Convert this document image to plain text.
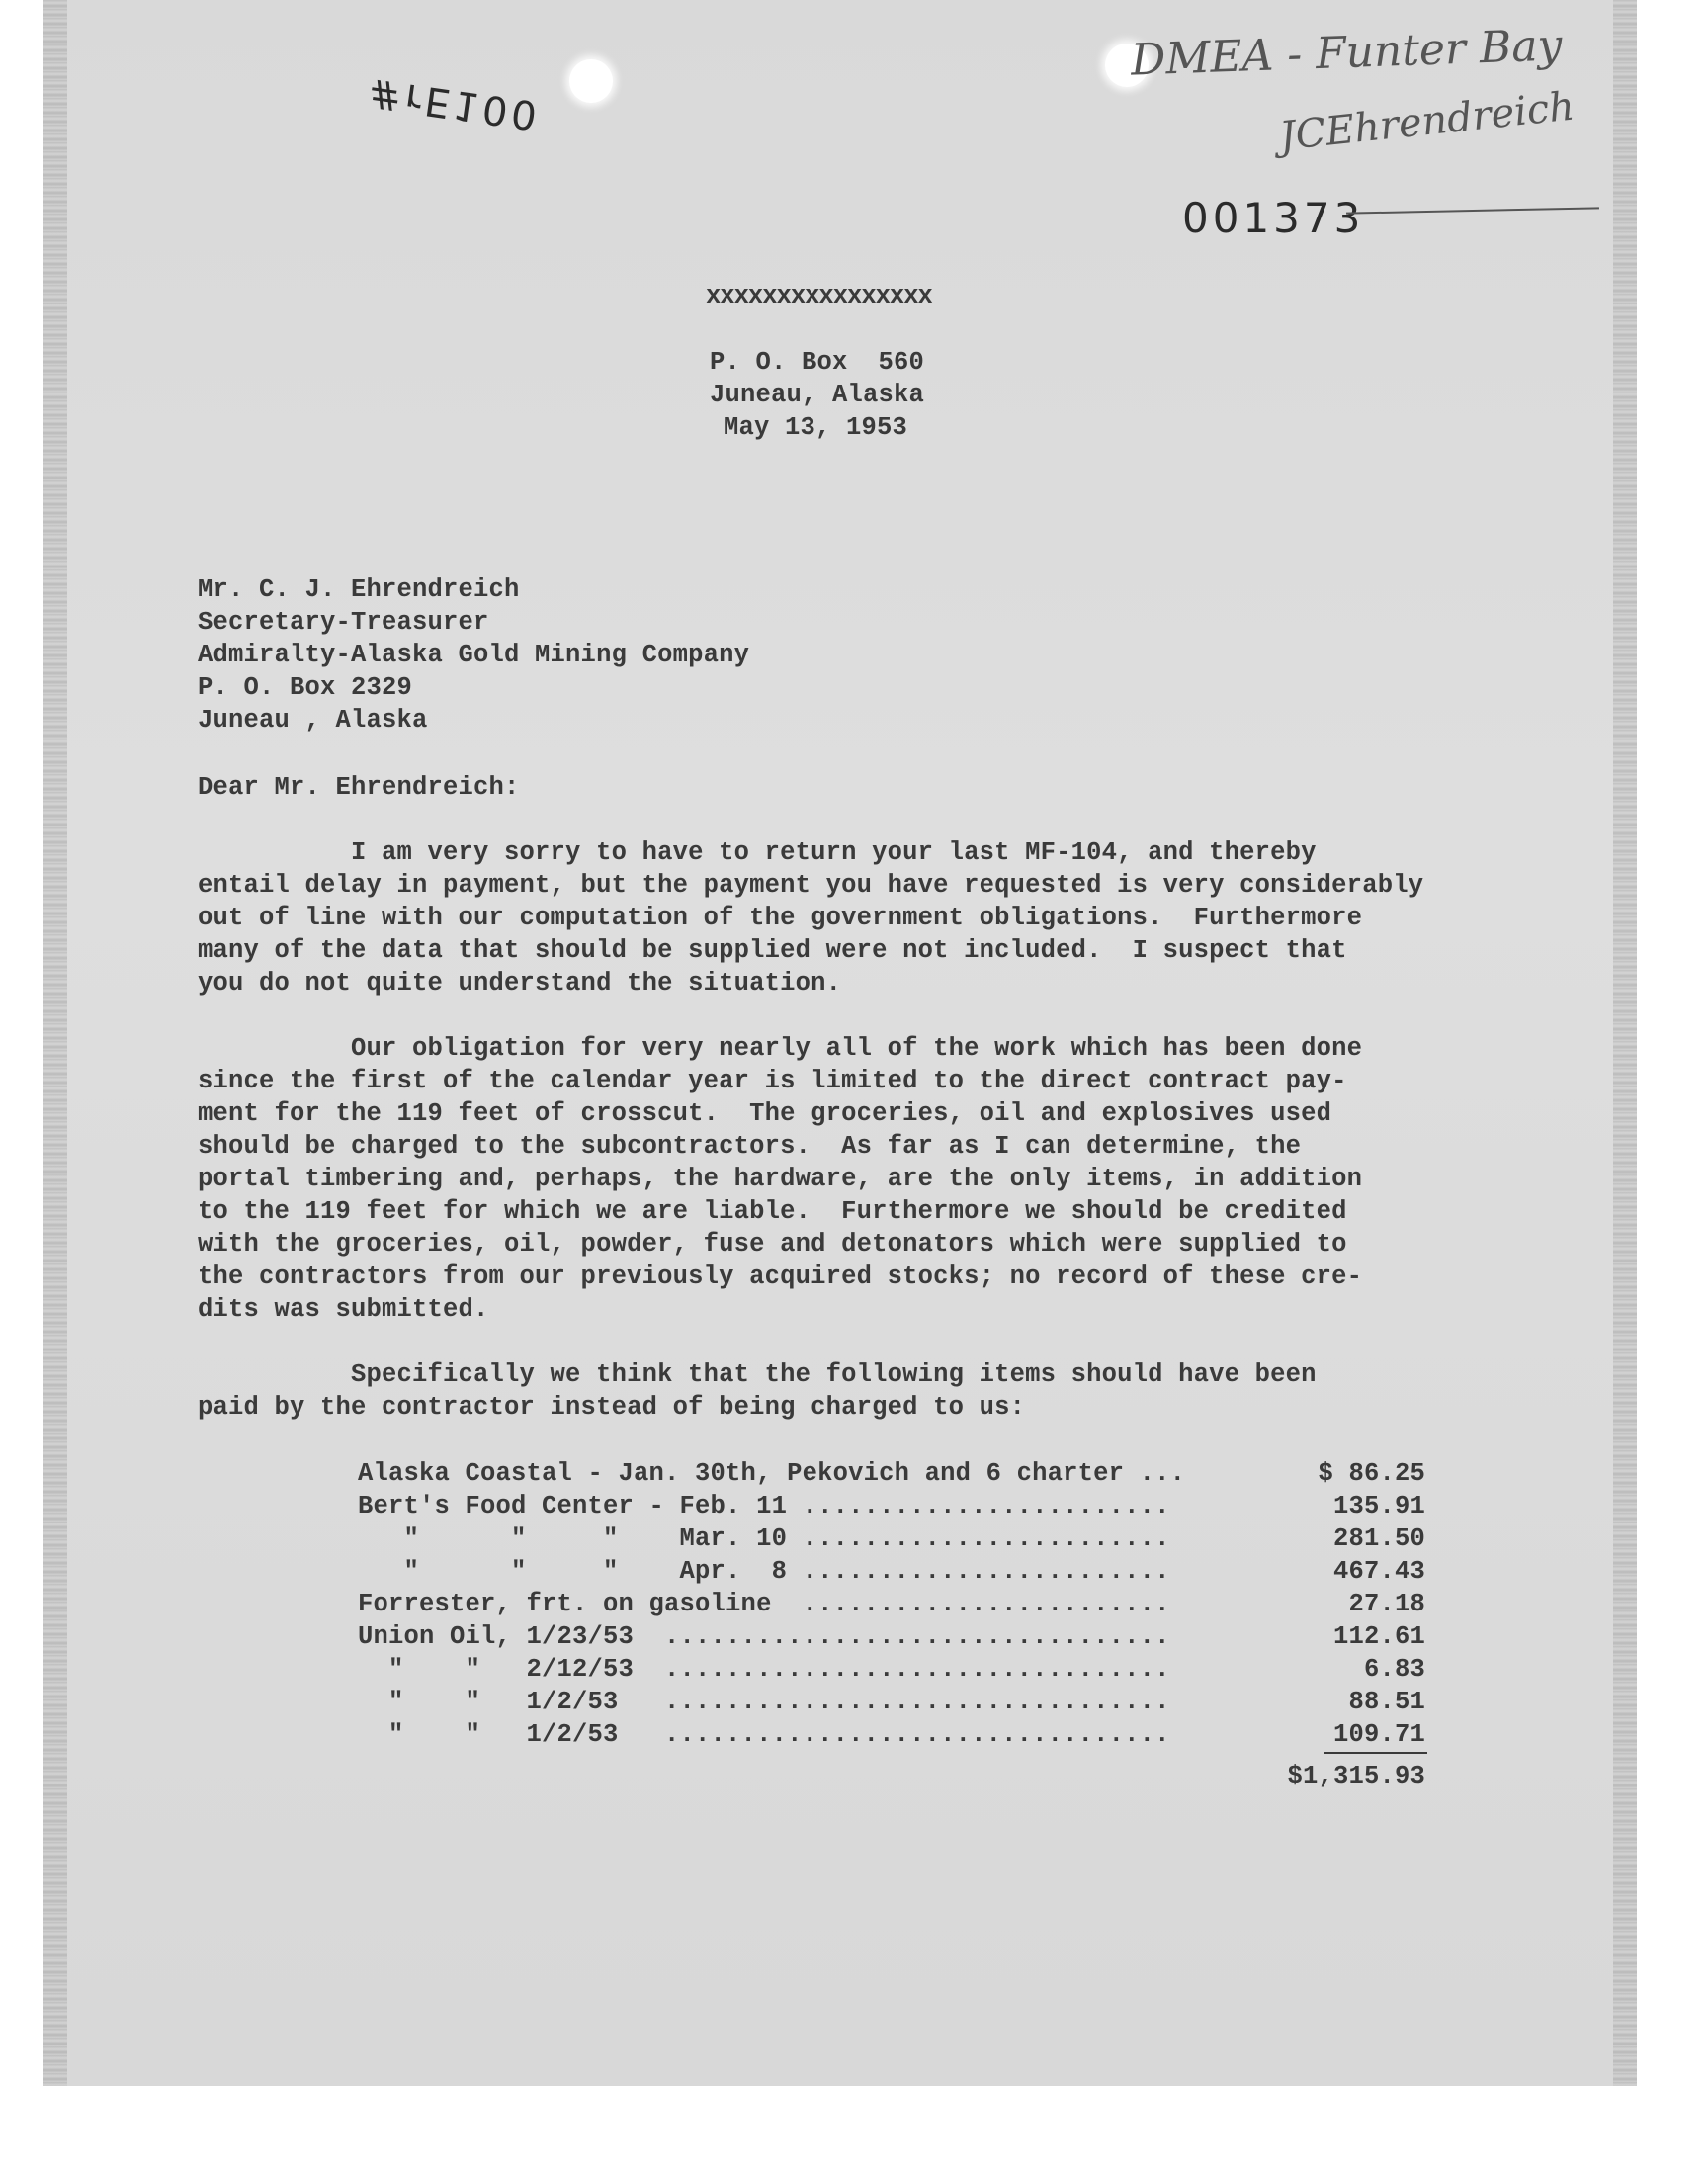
#rE100
DMEA - Funter Bay
JCEhrendreich
001373
xxxxxxxxxxxxxxxx
P. O. Box  560
Juneau, Alaska
May 13, 1953
Mr. C. J. Ehrendreich
Secretary-Treasurer
Admiralty-Alaska Gold Mining Company
P. O. Box 2329
Juneau , Alaska
Dear Mr. Ehrendreich:
I am very sorry to have to return your last MF-104, and thereby
entail delay in payment, but the payment you have requested is very considerably
out of line with our computation of the government obligations.  Furthermore
many of the data that should be supplied were not included.  I suspect that
you do not quite understand the situation.
Our obligation for very nearly all of the work which has been done
since the first of the calendar year is limited to the direct contract pay-
ment for the 119 feet of crosscut.  The groceries, oil and explosives used
should be charged to the subcontractors.  As far as I can determine, the
portal timbering and, perhaps, the hardware, are the only items, in addition
to the 119 feet for which we are liable.  Furthermore we should be credited
with the groceries, oil, powder, fuse and detonators which were supplied to
the contractors from our previously acquired stocks; no record of these cre-
dits was submitted.
Specifically we think that the following items should have been
paid by the contractor instead of being charged to us:

Alaska Coastal - Jan. 30th, Pekovich and 6 charter ...

	$ 86.25

Bert's Food Center - Feb. 11 ........................

	135.91

"      "     "    Mar. 10 ........................

	281.50

"      "     "    Apr.  8 ........................

	467.43

Forrester, frt. on gasoline  ........................

	27.18

Union Oil, 1/23/53  .................................

	112.61

"    "   2/12/53  .................................

	6.83

"    "   1/2/53   .................................

	88.51

"    "   1/2/53   .................................

	109.71

$1,315.93
